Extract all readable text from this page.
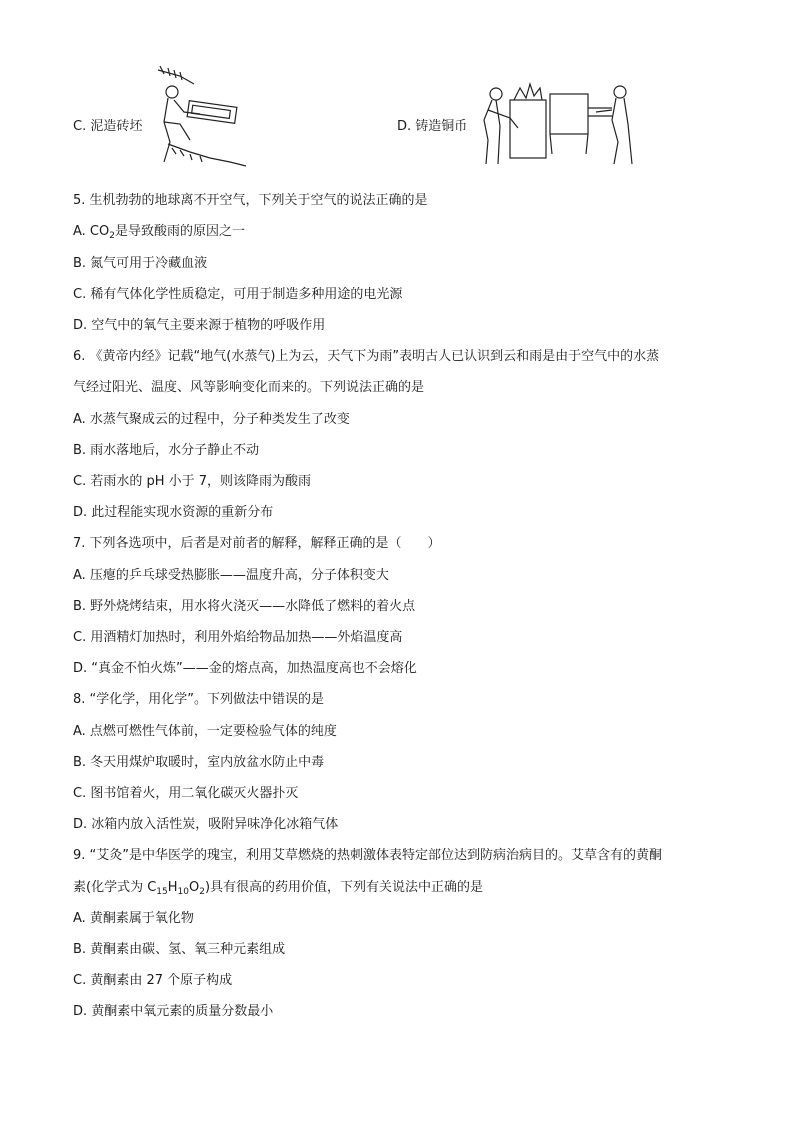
C. 泥造砖坯	D. 铸造铜币
5. 生机勃勃的地球离不开空气，下列关于空气的说法正确的是
A. $CO_2$是导致酸雨的原因之一
B. 氮气可用于冷藏血液
C. 稀有气体化学性质稳定，可用于制造多种用途的电光源
D. 空气中的氧气主要来源于植物的呼吸作用
6. 《黄帝内经》记载“地气(水蒸气)上为云，天气下为雨”表明古人已认识到云和雨是由于空气中的水蒸
气经过阳光、温度、风等影响变化而来的。下列说法正确的是
A. 水蒸气聚成云的过程中，分子种类发生了改变
B. 雨水落地后，水分子静止不动
C. 若雨水的 pH 小于 7，则该降雨为酸雨
D. 此过程能实现水资源的重新分布
7. 下列各选项中，后者是对前者的解释，解释正确的是（　　）
A. 压瘪的乒乓球受热膨胀——温度升高，分子体积变大
B. 野外烧烤结束，用水将火浇灭——水降低了燃料的着火点
C. 用酒精灯加热时，利用外焰给物品加热——外焰温度高
D. “真金不怕火炼”——金的熔点高，加热温度高也不会熔化
8. “学化学，用化学”。下列做法中错误的是
A. 点燃可燃性气体前，一定要检验气体的纯度
B. 冬天用煤炉取暖时，室内放盆水防止中毒
C. 图书馆着火，用二氧化碳灭火器扑灭
D. 冰箱内放入活性炭，吸附异味净化冰箱气体
9. “艾灸”是中华医学的瑰宝，利用艾草燃烧的热刺激体表特定部位达到防病治病目的。艾草含有的黄酮
素(化学式为 $C_{15}H_{10}O_2$)具有很高的药用价值，下列有关说法中正确的是
A. 黄酮素属于氧化物
B. 黄酮素由碳、氢、氧三种元素组成
C. 黄酮素由 27 个原子构成
D. 黄酮素中氧元素的质量分数最小
